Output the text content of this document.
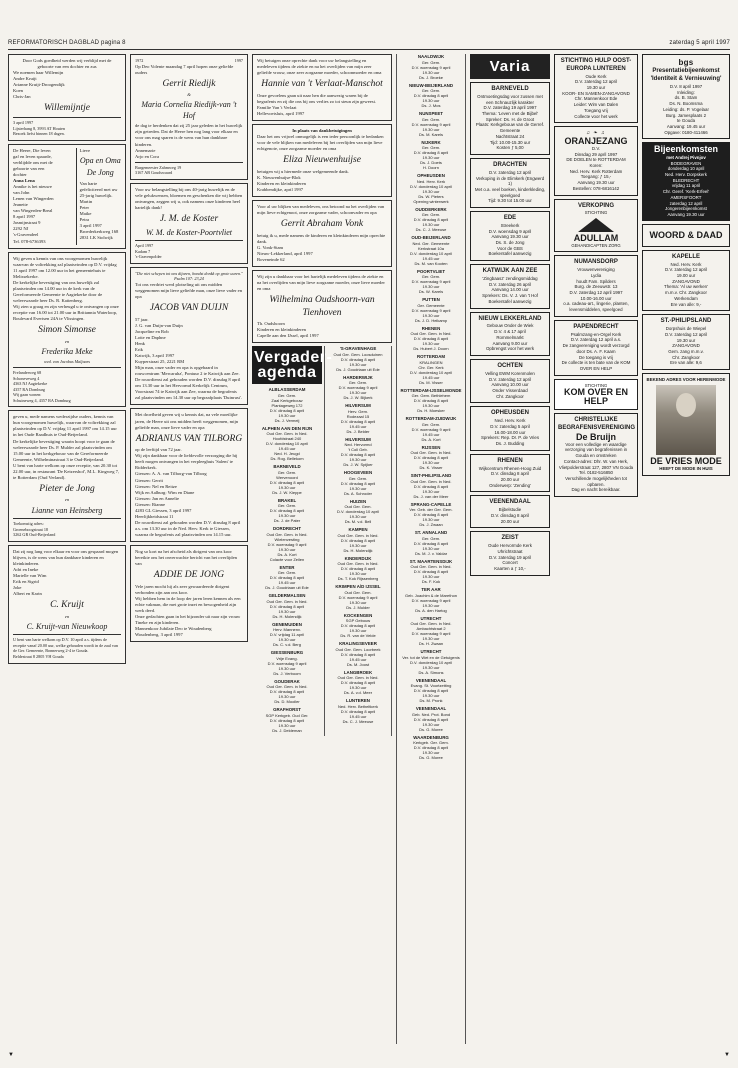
REFORMATORISCH DAGBLAD pagina 8	zaterdag 5 april 1997
Door Gods goedheid werden wij verblijd met de
geboorte van een dochter en zus
We noemen haar Willemijn
Andre Kruijt
Arianne Kruijt-Droogendijk
Koen
Chris-Jan
Willemijntje
3 april 1997
Lijsterhang 8, 3993 AT Houten
Bezoek liefst binnen 18 dagen.
De Heere, Die leven
gaf en leven spaarde,
verblijdde ons met de
geboorte van een
dochter
Anna Lena
Annike is het nieuwe
van John
Lenen van Wingerden
Jeanette
van Wingerden-Breal
8 april 1997
Jasmijnstraat 9
2292 NJ
's-Gravendeel
Tel. 078-6736393
Lieve
Opa en Oma
De Jong
Van harte gefeliciteerd met uw 25-jarig huwelijk.
Martin
Peter
Maike
Petra
3 april 1997
Broederkerkweg 168
2831 LK Stolwijk
Wij geven u kennis van ons voorgenomen huwelijk waarvan de voltrekking zal plaatsvinden op D.V. vrijdag 11 april 1997 om 12.00 uur in het gemeentehuis te Melissekerke.
De kerkelijke bevestiging van ons huwelijk zal plaatsvinden om 14.00 uur in de kerk van de Gereformeerde Gemeente te Aagtekerke door de weleerwaarde heer Ds. R. Kattenberg.
Wij zien u graag en zijn verheugd u te ontvangen op onze receptie van 16.00 tot 21.00 uur in Brittannia Waterloop, Boulevard Evertsen 24A te Vlissingen.
Simon Simonse
en
Frederika Meke
wed. van Jacobus Maljaars
Frelanderweg 68
Schoneveweg 4
4363 NJ Aagtekerke
4357 RA Domburg
Wij gaan wonen:
Schuineweg 4, 4357 RA Domburg
geven u, mede namens wederzijdse ouders, kennis van hun voorgenomen huwelijk, waarvan de voltrekking zal plaatsvinden op D.V. vrijdag 11 april 1997 om 14.15 uur in het Oude Raadhuis te Oud-Beijerland.
De kerkelijke bevestiging waarin hoopt voor te gaan de weleerwaarde heer Ds. P. Mulder zal plaatsvinden om 15.00 uur in het kerkgebouw van de Gereformeerde Gemeente, Wilhelminastraat 3 te Oud-Beijerland.
U bent van harte welkom op onze receptie, van 20.30 tot 22.00 uur, in restaurant 'De Keizershof', M.L. Kingweg 7, te Rotterdam (Oud Verland).
Pieter de Jong
en
Lianne van Heinsberg
Toekomstig adres:
Groeneboogstraat 18
3262 GR Oud-Beijerland
Dat zij nog lang voor elkaar en voor ons gespaard mogen blijven, is de wens van hun dankbare kinderen en kleinkinderen.
Adri en Ineke
Marielle van Wim
Erik en Sigrid
Joke
Albert en Karin
C. Kruijt
en
C. Kruijt-van Nieuwkoop
U bent van harte welkom op D.V. 10 april a.s. tijdens de receptie vanaf 20.00 uur, welke gehouden wordt in de zaal van de Ger. Gemeente, Bonnerweg 2-4 te Gouda.
Beldestraat 8 2805 VH Gouda
1972	1997
Op Deo Volente maandag 7 april hopen onze geliefde ouders
Gerrit Riedijk
&
Maria Cornelia Riedijk-van 't Hof
de dag te herdenken dat zij 25 jaar geleden in het huwelijk zijn getreden. Dat de Heere hen nog lang voor elkaar en voor ons mag sparen is de wens van hun dankbare kinderen.
Annemarie
Arjo en Cora
Burgemeester Zahmweg 19
3167 AB Goudswaard
Voor uw belangstelling bij ons 40-jarig huwelijk en de vele gelukwensen, bloemen en geschenken die wij hebben ontvangen, zeggen wij u, ook namens onze kinderen heel hartelijk dank!
J. M. de Koster
W. M. de Koster-Poortvliet
April 1997
Kadam 7
's-Gravenpolder
"Die niet schepen tot ons dijaren, hondst donkk op grote uuren."
Psalm 107: 23,24
Tot ons verdriet werd plotseling uit ons midden weggenomen mijn lieve geliefde man, onze lieve vader en opa
JACOB VAN DUIJN
57 jaar.
J. G. van Duijn-van Duijn
Jacqueline en Rob
Lotte en Daphne
Henk
Erik
Katwijk, 3 april 1997
Kuyperstraat 25, 2221 RM
Mijn man, onze vader en opa is opgebaard in rouwcentrum 'Mercaruha', Pontuur 2 te Katwijk aan Zee.
De rouwdienst zal gehouden worden D.V. dinsdag 8 april om 13.30 uur in het Hervormd Kerkelijk Centrum, Voorstraat 74 te Katwijk aan Zee, waarna de begrafenis zal plaatsvinden om 14.30 uur op begraafplaats 'Duinrust'.
Met droefheid geven wij u kennis dat, na vele moeilijke jaren, de Heere uit ons midden heeft weggenomen, mijn geliefde man, onze lieve vader en opa
ADRIANUS VAN TILBORG
op de leeftijd van 72 jaar.
Wij zijn dankbaar voor de liefdevolle verzorging die hij heeft mogen ontvangen in het verpleeghuis 'Salem' te Ridderkerk.
Giessen: A. A. van Tilborg-van Tilborg
Giessen: Gerrit
Giessen: Nel en Reitze
Wijk en Aalburg: Wim en Diane
Giessen: Jan en Annelie
Giessen: Rianne
4283 GL Giessen, 3 april 1997
Heerlijkheidstraat 11
De rouwdienst zal gehouden worden D.V. dinsdag 8 april a.s. om 13.30 uur in de Ned. Herv. Kerk te Giessen, waarna de begrafenis zal plaatsvinden om 14.15 uur.
Nog so kort na het afscheid als dirigent van ons koor bereikte ons het onverwachte bericht van het overlijden van
ADDIE DE JONG
Vele jaren mocht hij als zeer gewaardeerde dirigent verbonden zijn aan ons koor.
Wij hebben hem in de loop der jaren leren kennen als een echte vakman, die met grote inzet en bewogenheid zijn werk deed.
Onze gedachten gaan in het bijzonder uit naar zijn vrouw Tineke en zijn kinderen.
Mannenkoor Jubilate Deo te Woudenberg
Woudenberg, 3 april 1997
Wij betuigen onze oprechte dank voor uw belangstelling en medeleven tijdens de ziekte en na het overlijden van mijn zeer geliefde vrouw, onze zeer zorgzame moeder, schoonmoeder en oma
Hannie van 't Verlaat-Manschot
Onze gevoelens gaan uit naar hen die aanwezig waren bij de begrafenis en zij die ons bij ons verlies zo tot steun zijn geweest.
Familie Van 't Verlaat
Hellevoetsluis, april 1997
In plaats van dankbetuigingen
Daar het ons vrijwel onmogelijk is een ieder persoonlijk te bedanken voor de vele blijken van medeleven bij het overlijden van mijn lieve echtgenote, onze zorgzame moeder en oma
Eliza Nieuwenhuijse
betuigen wij u hiermede onze welgemeende dank.
K. Nieuwenhuijse-Blok
Kinderen en kleinkinderen
Krabbendijke, april 1997
Voor al uw blijken van medeleven, ons betoond na het overlijden van mijn lieve echtgenoot, onze zorgzame vader, schoonvader en opa
Gerrit Abraham Vonk
betuig ik u, mede namens de kinderen en kleinkinderen mijn oprechte dank.
G. Vonk-Stam
Nieuw-Lekkerland, april 1997
Boveneinde 62
Wij zijn u dankbaar voor het hartelijk medeleven tijdens de ziekte en na het overlijden van mijn lieve zorgzame moeder, onze lieve moeder en oma
Wilhelmina Oudshoorn-van Tienhoven
Th. Oudshoorn
Kinderen en kleinkinderen
Capelle aan den IJssel, april 1997
Vergader-agenda
ALBLASSERDAM
Ger. Gem.
Zaal Kerkgebouw
Plantageweg 172
D.V. dinsdag 8 april
19.30 uur
Ds. J. Vermeij
ALPHEN AAN DEN RIJN
Oud Ger. Gem. in Ned.
Hoofdstraat 240
D.V. donderdag 10 april
19.45 uur
Ned. H. Jeugd
Ds. Rog. Bellekom
BARNEVELD
Ger. Gem.
Wervenoord
D.V. dinsdag 8 april
19.30 uur
Ds. J. W. Kieppe
BRAKEL
Ger. Gem.
D.V. dinsdag 8 april
19.30 uur
Ds. J. de Pater
DORDRECHT
Oud Ger. Gem. in Ned.
Wielenvesting
D.V. woensdag 9 april
19.30 uur
Ds. A. Kort
Colacte voor Zeilen
ENTER
Ger. Gem.
D.V. dinsdag 8 april
19.45 uur
Ds. J. Goudriaan uit Ede
GELDERMALSEN
Oud Ger. Gem. in Ned.
D.V. dinsdag 8 april
19.30 uur
Ds. H. Molendijk
GENEMUIDEN
Herv. Mannenv.
D.V. vrijdag 11 april
19.30 uur
Ds. C. v.d. Berg
GIESSENBURG
Vrije Evang.
D.V. woensdag 9 april
19.30 uur
Ds. J. Verboom
GOUDERAK
Oud Ger. Gem. in Ned.
D.V. dinsdag 8 april
19.30 uur
Ds. D. Mooiler
GRAFHORST
SGP Kerkgeb. Oud Ger.
D.V. dinsdag 8 april
19.30 uur
Ds. J. Deldeman
'S-GRAVENHAGE
Oud Ger. Gem. Loosduinen
D.V. dinsdag 8 april
19.30 uur
Ds. J. Goudriaan uit Ede
HARDERWIJK
Ger. Gem.
D.V. woensdag 9 april
19.30 uur
Ds. J. W. Bijkerk
HILVERSUM
Herv. Gem.
Rodezaal 15
D.V. dinsdag 8 april
19.45 uur
Ds. J. Belder
HILVERSUM
Ned. Hervormd
't Coll Geb.
D.V. dinsdag 8 april
19.30 uur
Ds. J. W. Spijker
HOOGEVEEN
Ger. Gem.
D.V. dinsdag 8 april
19.30 uur
Ds. A. Schroder
HUIZEN
Oud Ger. Gem.
D.V. donderdag 10 april
19.30 uur
Ds. M. v.d. Bell
KAMPEN
Oud Ger. Gem. in Ned.
D.V. dinsdag 8 april
19.30 uur
Ds. H. Molendijk
KINDERDIJK
Oud Ger. Gem. in Ned.
D.V. dinsdag 8 april
19.30 uur
Ds. T. Kok Rijssenberg
KRIMPEN A/D IJSSEL
Oud Ger. Gem.
D.V. woensdag 9 april
19.30 uur
Ds. J. Mulder
KOCKENGEN
SGP Gebouw
D.V. dinsdag 8 april
19.30 uur
Ds. R. van de Velde
KRALINGSEVEER
Oud Ger. Gem. Loorbeek
D.V. dinsdag 8 april
19.45 uur
Ds. M. Joost
LANGBROEK
Oud Ger. Gem. in Ned.
D.V. dinsdag 8 april
19.30 uur
Ds. A. v.d. Meer
LUNTEREN
Ned. Herv. Betheltkerk
D.V. dinsdag 8 april
19.45 uur
Ds. C. J. Meeuse
NAALDWIJK
Ger. Gem.
D.V. woensdag 9 april
19.30 uur
Ds. J. Broeke
NIEUW-BEIJERLAND
Ger. Gem.
D.V. dinsdag 8 april
19.30 uur
Ds. J. Mos
NUNSPEET
Ger. Gem.
D.V. woensdag 9 april
19.30 uur
Ds. M. Karels
NIJKERK
Ger. Gem.
D.V. dinsdag 8 april
19.30 uur
Ds. J. Doets
H. Doorn
OPHEUSDEN
Ned. Herv. Kerk
D.V. donderdag 10 april
19.30 uur
Ds. W. Pieters
Opening winterwerk
OUDDERKERK
Ger. Gem.
D.V. dinsdag 8 april
19.30 uur
Ds. C. J. Meeuse
OUD-BEIJERLAND
Ned. Ger. Gemeente
Kerkstraat 10a
D.V. donderdag 10 april
19.45 uur
Ds. M. van Kooten
POORTVLIET
Ger. Gem.
D.V. woensdag 9 april
19.30 uur
Ds. W. Karels
PUTTEN
Ger. Gemeente
D.V. woensdag 9 april
19.30 uur
Ds. J. D. Heikamp
RHENEN
Oud Ger. Gem. in Ned.
D.V. dinsdag 8 april
19.30 uur
Ds. Hubert J. Doorn
ROTTERDAM
KRALINGEN
Chr. Ger. Kerk
D.V. donderdag 10 april
19.45 uur
Ds. M. Visser
ROTTERDAM-IJSSELMONDE
Ger. Gem. Bethlehem
D.V. dinsdag 8 april
19.30 uur
Ds. H. Moesker
ROTTERDAM-ZUIDWIJK
Ger. Gem.
D.V. woensdag 9 april
19.45 uur
Ds. A. Kort
RIJSSEN
Oud Ger. Gem. in Ned.
D.V. dinsdag 8 april
19.30 uur
Ds. K. Visser
SINT-PHILIPSLAND
Oud Ger. Gem. in Ned.
D.V. dinsdag 8 april
19.30 uur
Ds. J. van der Meer
SPRANG-CAPELLE
Ver. Geb. der Ger. Gem.
D.V. dinsdag 8 april
19.30 uur
Ds. J. Zwaan
ST. ANNALAND
Ger. Gem.
D.V. dinsdag 8 april
19.30 uur
Ds. M. J. v. Valdar
ST. MAARTENSDIJK
Oud Ger. Gem. in Ned.
D.V. dinsdag 8 april
19.30 uur
Ds. F. Kok
TER AAR
Geb. Joachim & de Marethon
D.V. woensdag 9 april
19.30 uur
Ds. A. den Hartog
UTRECHT
Oud Ger. Gem. in Ned.
Ambachtstraat 2
D.V. woensdag 9 april
19.30 uur
Ds. H. Zwaan
UTRECHT
Ver. tot de Wet en de Getuigenis
D.V. donderdag 10 april
19.30 uur
Ds. A. Simons
VEENENDAAL
Evang. St. Voortzetting
D.V. dinsdag 8 april
19.30 uur
Ds. M. Pronk
VEENENDAAL
Geb. Ned. Prot. Bond
D.V. dinsdag 8 april
19.30 uur
Ds. G. Moree
WAARDENBURG
Kerkgeb. Ger. Gem.
D.V. dinsdag 8 april
19.30 uur
Ds. G. Moree
Varia
BARNEVELD
Ontmoetingsdag voor zussen met een Schnauzlijk karakter
D.V. zaterdag 19 april 1997
Thema: 'Leven met de Bijbel'
Spreker: Ds. H. de Groot
Plaats: Kerkgebouw van de Gerref. Gemeente
Nachtstraat 24
Tijd: 10.00-15.30 uur
Kosten ƒ 5,00
DRACHTEN
D.V. zaterdag 12 april
Verkoping in de Elimkerk (Engwerd 1)
Met o.a. veel boeken, kinderkleding, speelgoed
Tijd: 9.30 tot 15.00 uur
EDE
Streekerk
D.V. woensdag 9 april
Aanvang 19.30 uur
Ds. S. de Jong
Voor de GBS
Boekentafel aanwezig
KATWIJK AAN ZEE
'Zingbaasz' zendingsmiddag
D.V. zaterdag 26 april
Aanvang 14.00 uur
Sprekers: Ds. V. J. van 't Hof
Boekentafel aanwezig
NIEUW LEKKERLAND
Gebouw Onder de Wiek
D.V. 4 & 17 april
Rommelmarkt
Aanvang 9.00 uur
Opbrengst voor het werk
OCHTEN
Velling EWM Korenmolen
D.V. zaterdag 12 april
Aanvang 10.00 uur
Onder Visserdaad
Chr. Zangkoor
OPHEUSDEN
Ned. Herv. Kerk
D.V. zaterdag 5 april
16.00-18.00 uur
Sprekers: Rep. Dr. P. de Vries
Ds. J. Budding
RHENEN
Wijkcentrum Rhenen-Hoog Zuid
D.V. dinsdag 8 april
20.00 uur
Onderwerp: 'Zending'
VEENENDAAL
Bijbelstudie
D.V. dinsdag 8 april
20.00 uur
ZEIST
Oude Hervormde Kerk
Uhrichtstraat
D.V. zaterdag 19 april
Concert
Kaarten a ƒ 10,-
STICHTING HULP OOST-EUROPA LUNTEREN
Oude Kerk
D.V. zaterdag 12 april
19.30 uur
KOOR- EN SAMEN-ZANGAVOND
Chr. Mannenkoor Ede
Leider: Wim van Dalen
Toegang vrij
Collecte voor het werk
♫ ❧ ♫
ORANJEZANG
D.V.
Dinsdag 29 april 1997
DE DOELEN te ROTTERDAM
Koren:
Ned. Herv. Kerk Rotterdam
Toegang: ƒ 15,-
Aanvang 19.30 uur
Bestellen: 078-6816142
VERKOPING
STICHTING
ADULLAM
GEHANDICAPTEN ZORG
NUMANSDORP
Vrouwenvereniging
Lydia
houdt Fam. Spilders
Burg. de Zeeuwstr. 13
D.V. zaterdag 12 april 1997
10.00-16.00 uur
o.a. cadeau-art., lingerie, planten, levensmiddelen, speelgoed
PAPENDRECHT
Psalmzang-en-Orgel Kerk
D.V. zaterdag 12 april a.s.
De zangvereniging wordt verzorgd door Ds. A. F. Kaam
De toegang is vrij
De collecte is ten bate van de KOM OVER EN HELP
STICHTING
KOM OVER EN HELP
CHRISTELIJKE BEGRAFENISVERENIGING
De Bruijn
Voor een volledige en waardige verzorging van begrafenissen in Gouda en omstreken
Contact-adres: Dhr. W. van Herk,
Vlietpolderstraat 127, 2807 VN Gouda
Tel. 0182-516850
Verschillende mogelijkheden tot opbaren.
Dag en nacht bereikbaar.
bgs
Presentatiebijeenkomst 'Identiteit & Vernieuwing'
D.V. 8 april 1997
Inleiding:
ds. B. Stam
Ds. N. Boomsma
Leiding: ds. P. Vogelaar
Burg. Jamesplaats 2
te Gouda
Aanvang: 19.45 uur
Opgave: 0180-411466
Bijeenkomsten
met Andrej Pivnjov
BODEGRAVEN
donderdag 10 april
Ned. Herv. Dorpskerk
BLEDRECHT
vrijdag 11 april
Chr. Geref. 'Kerk-Erfeel'
AMERSFOORT
zaterdag 12 april
Jongerenbijeenkomst
Aanvang 19.30 uur
WOORD & DAAD
KAPELLE
Ned. Herv. Kerk
D.V. zaterdag 12 april
19.00 uur
ZANGAVOND
Thema: 'Al uw werken'
m.m.v. Chr. Zangkoor
Werkendam
Ere van alle: 9,-
ST.-PHILIPSLAND
Dorpshuis de Wiepel
D.V. zaterdag 12 april
19.30 uur
ZANGAVOND
Gem. zang m.m.v.
Chr. Zangkoor
Ere van alle: 9,6
BEKEND ADRES VOOR HERENMODE
DE VRIES MODE
HEEFT DE MODE IN HUIS
▼	▼
